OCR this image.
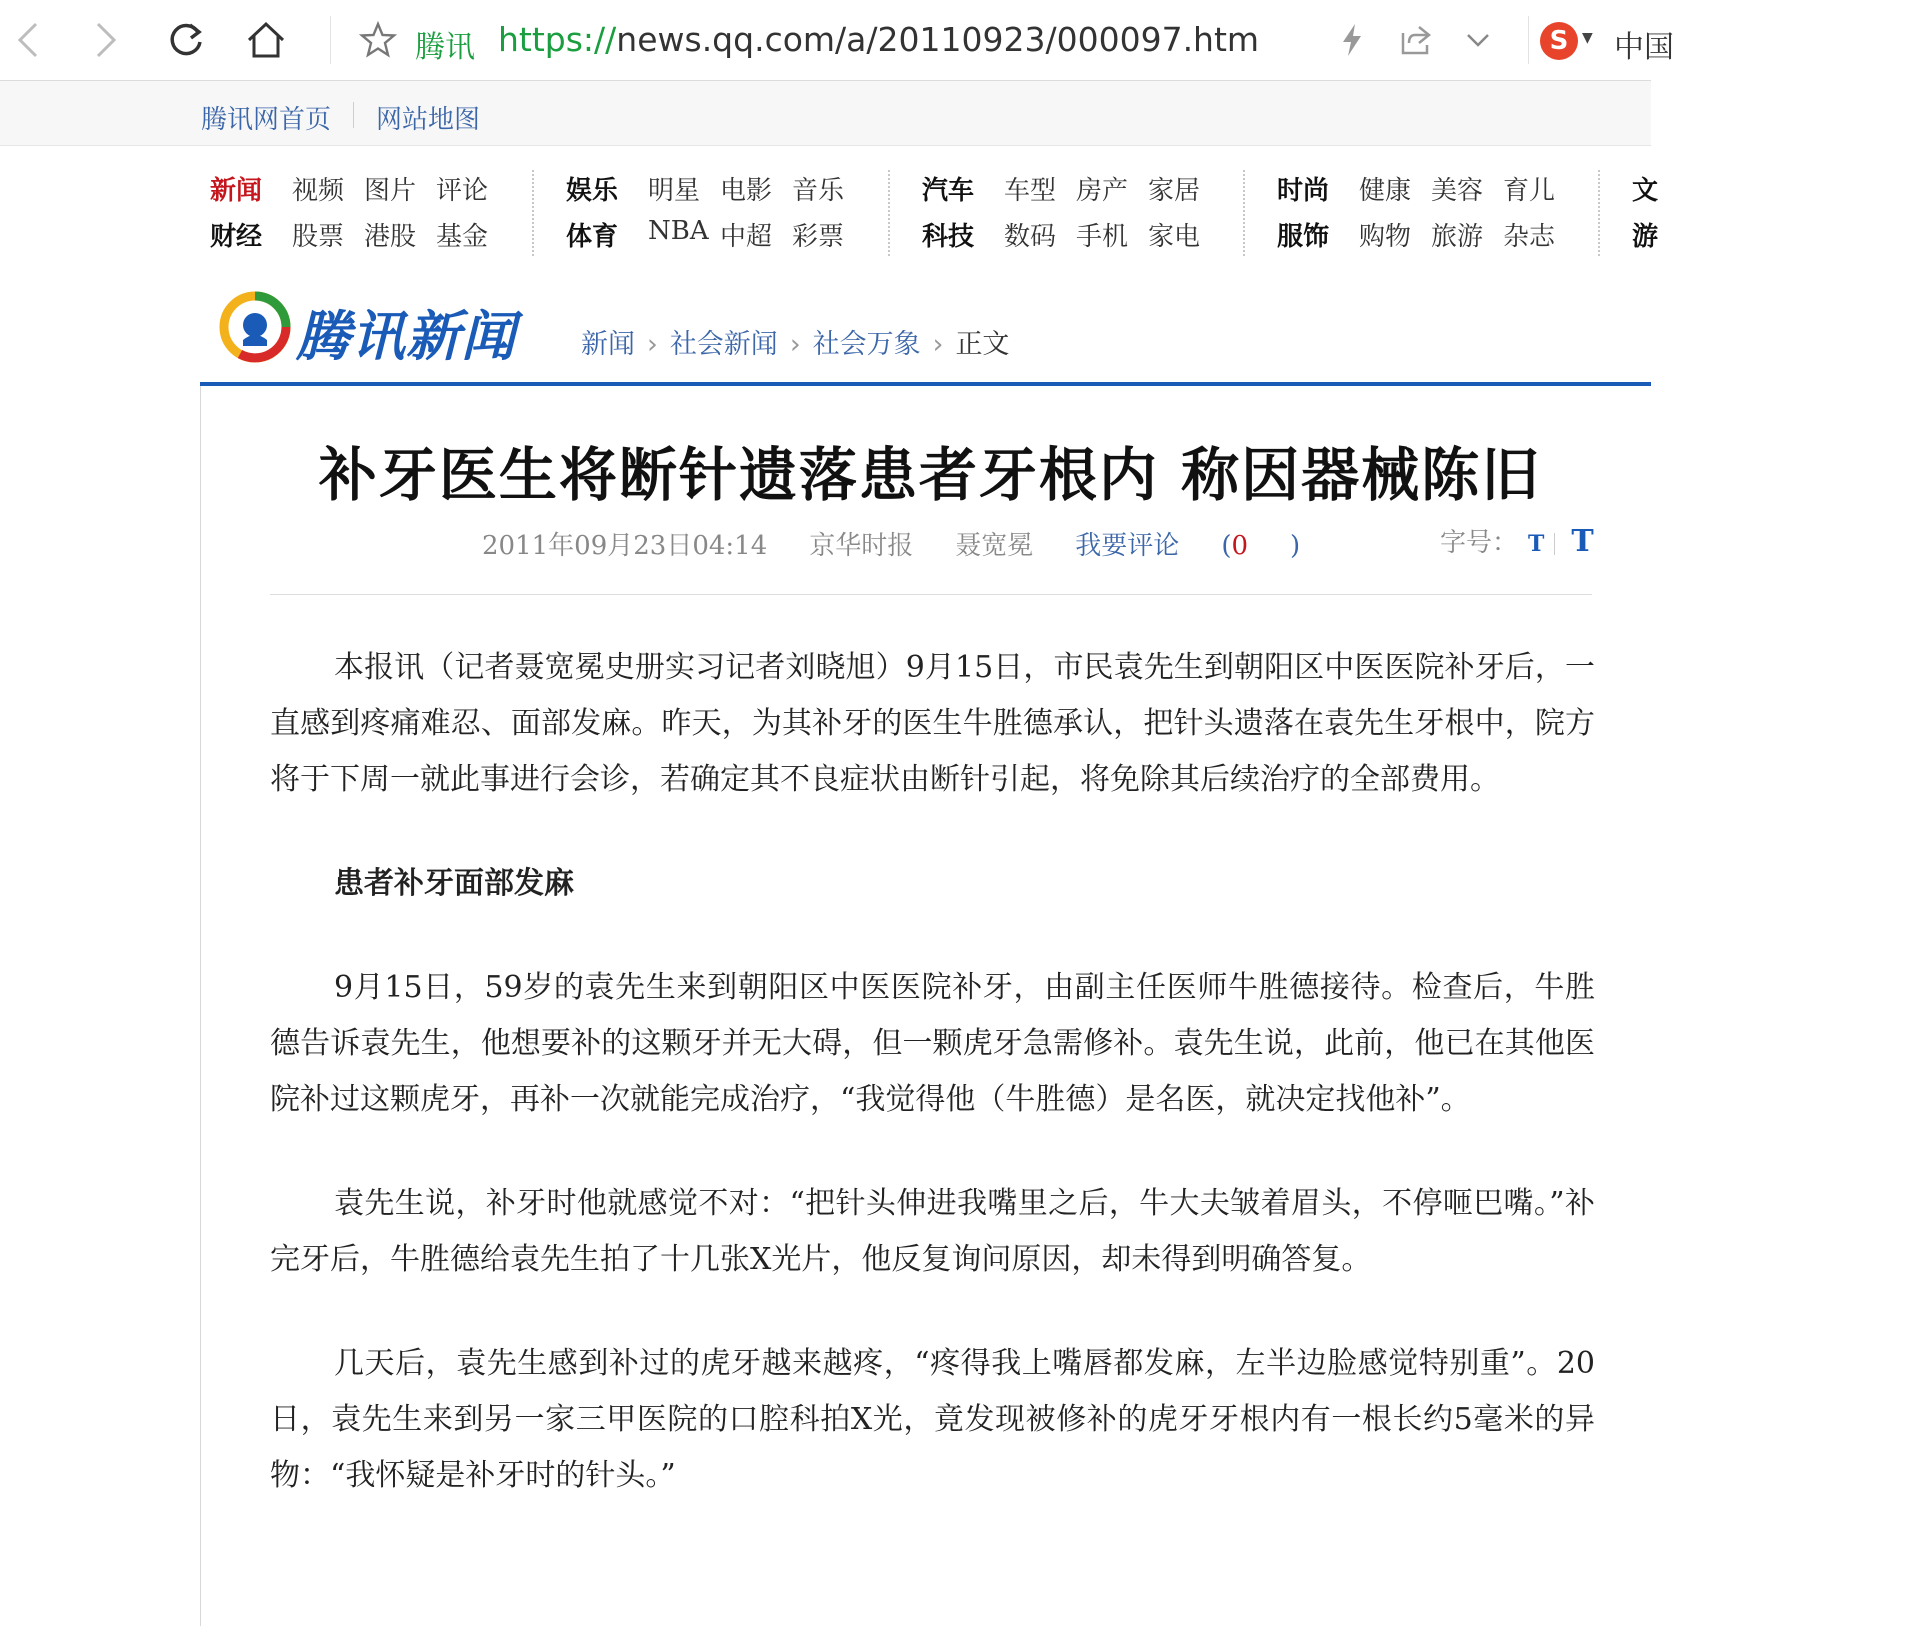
腾讯 https://news.qq.com/a/20110923/000097.htm	S ▼ 中国
腾讯网首页 网站地图
新闻 视频 图片 评论
财经 股票 港股 基金
娱乐 明星 电影 音乐
体育 NBA 中超 彩票
汽车 车型 房产 家居
科技 数码 手机 家电
时尚 健康 美容 育儿
服饰 购物 旅游 杂志
文
游
腾讯新闻 新闻 › 社会新闻 › 社会万象 › 正文
补牙医生将断针遗落患者牙根内 称因器械陈旧
2011年09月23日04:14 京华时报 聂宽冕 我要评论 (0 )	字号： T T

本报讯（记者聂宽冕史册实习记者刘晓旭）9月15日，市民袁先生到朝阳区中医医院补牙后，一直感到疼痛难忍、面部发麻。昨天，为其补牙的医生牛胜德承认，把针头遗落在袁先生牙根中，院方将于下周一就此事进行会诊，若确定其不良症状由断针引起，将免除其后续治疗的全部费用。

患者补牙面部发麻

9月15日，59岁的袁先生来到朝阳区中医医院补牙，由副主任医师牛胜德接待。检查后，牛胜德告诉袁先生，他想要补的这颗牙并无大碍，但一颗虎牙急需修补。袁先生说，此前，他已在其他医院补过这颗虎牙，再补一次就能完成治疗，“我觉得他（牛胜德）是名医，就决定找他补”。

袁先生说，补牙时他就感觉不对：“把针头伸进我嘴里之后，牛大夫皱着眉头，不停咂巴嘴。”补完牙后，牛胜德给袁先生拍了十几张X光片，他反复询问原因，却未得到明确答复。

几天后，袁先生感到补过的虎牙越来越疼，“疼得我上嘴唇都发麻，左半边脸感觉特别重”。20日，袁先生来到另一家三甲医院的口腔科拍X光，竟发现被修补的虎牙牙根内有一根长约5毫米的异物：“我怀疑是补牙时的针头。”
